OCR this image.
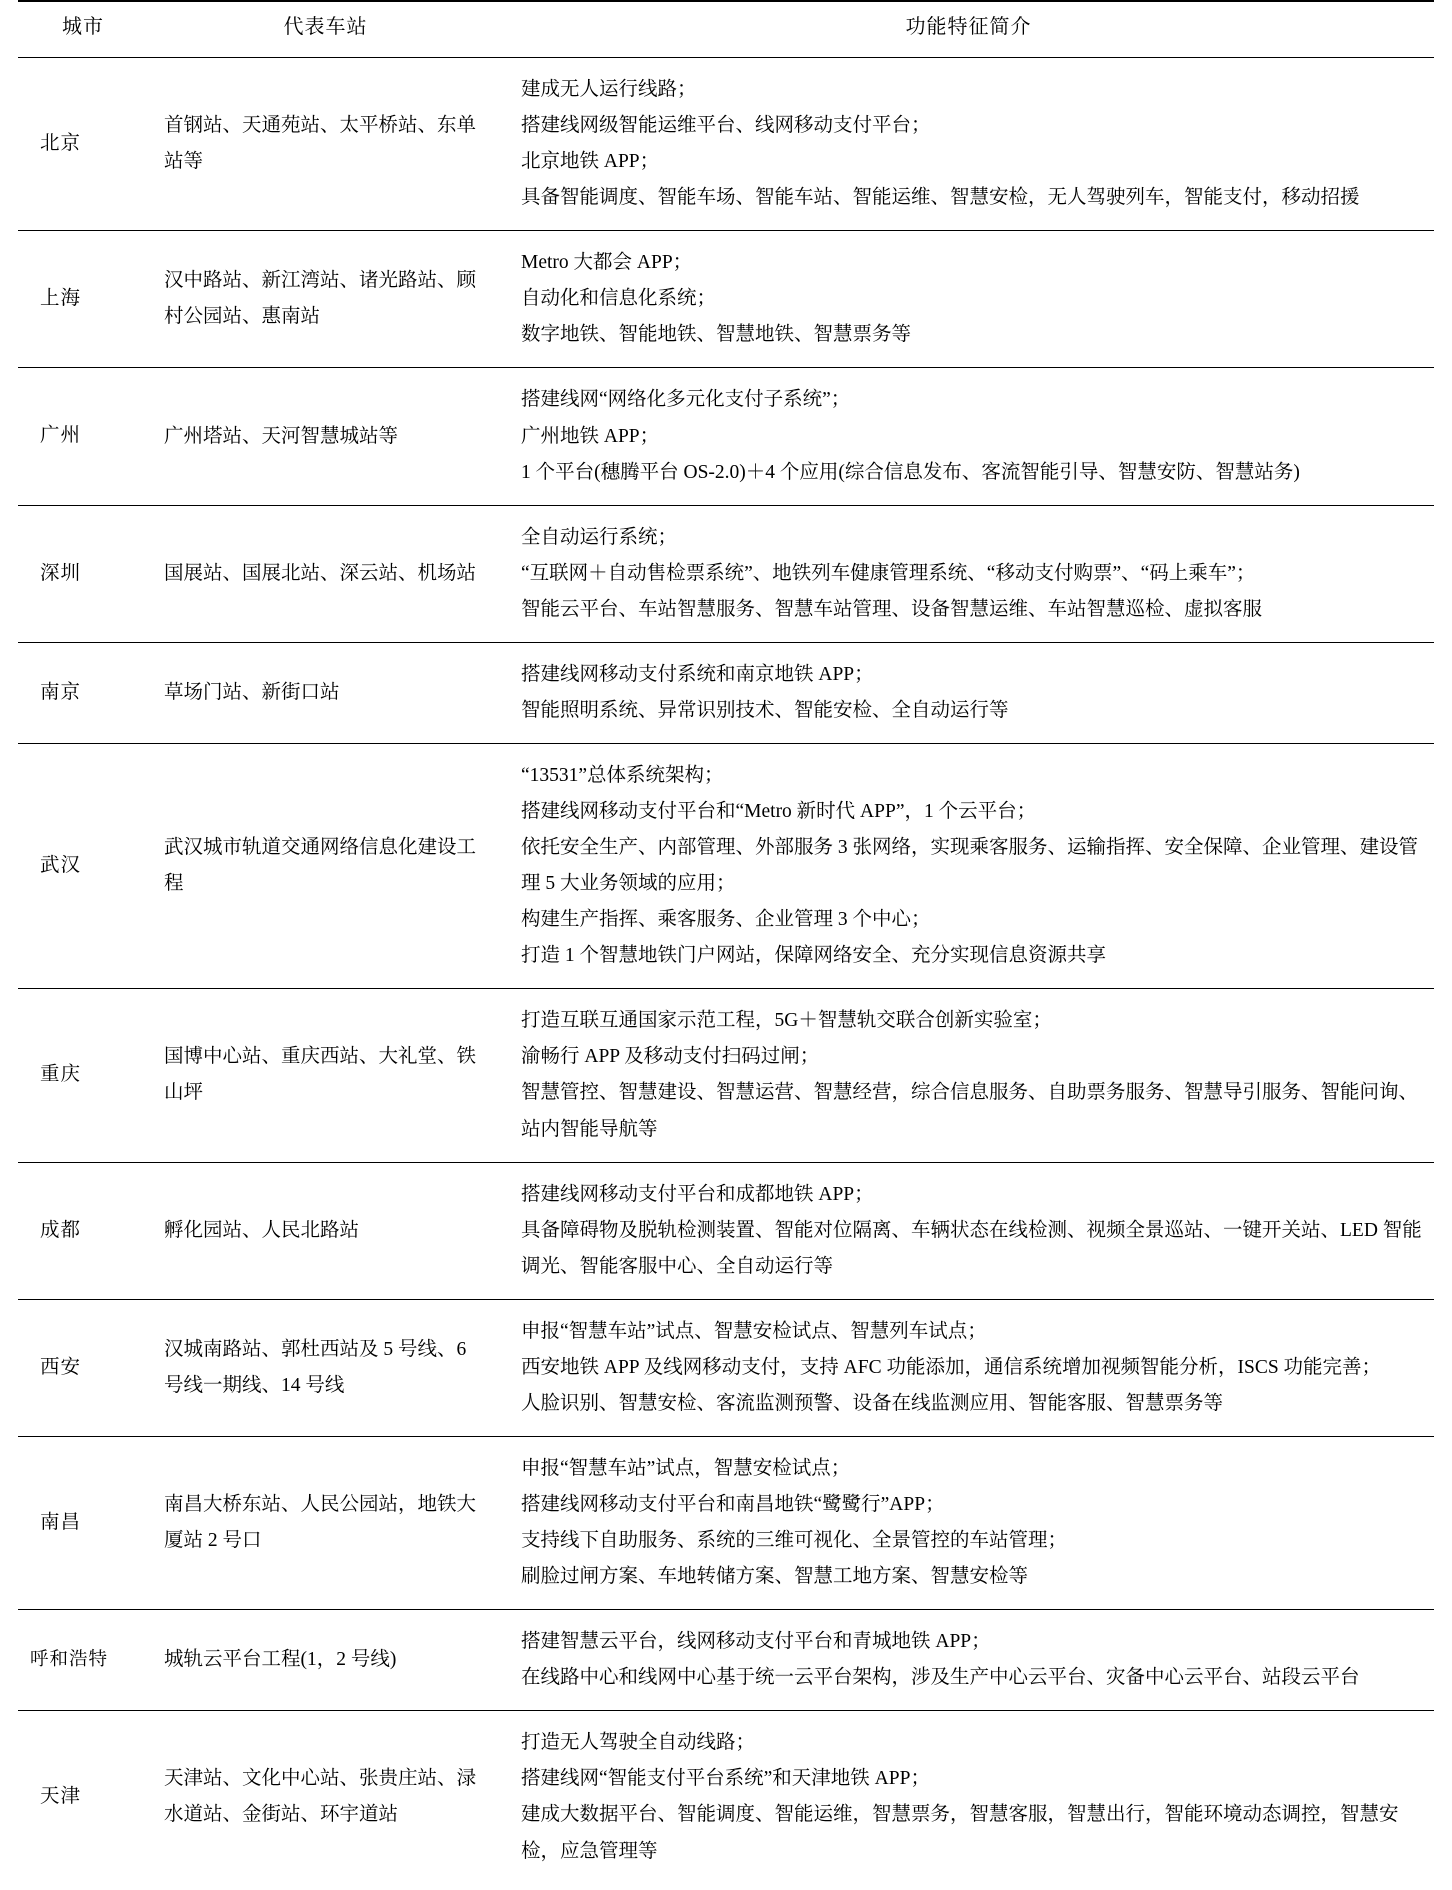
城市	代表车站	功能特征简介
北京	首钢站、天通苑站、太平桥站、东单站等	建成无人运行线路；

搭建线网级智能运维平台、线网移动支付平台；

北京地铁 APP；

具备智能调度、智能车场、智能车站、智能运维、智慧安检，无人驾驶列车，智能支付，移动招援

上海	汉中路站、新江湾站、诸光路站、顾村公园站、惠南站	Metro 大都会 APP；

自动化和信息化系统；

数字地铁、智能地铁、智慧地铁、智慧票务等

广州	广州塔站、天河智慧城站等	搭建线网“网络化多元化支付子系统”；

广州地铁 APP；

1 个平台(穗腾平台 OS-2.0)＋4 个应用(综合信息发布、客流智能引导、智慧安防、智慧站务)

深圳	国展站、国展北站、深云站、机场站	全自动运行系统；

“互联网＋自动售检票系统”、地铁列车健康管理系统、“移动支付购票”、“码上乘车”；

智能云平台、车站智慧服务、智慧车站管理、设备智慧运维、车站智慧巡检、虚拟客服

南京	草场门站、新街口站	搭建线网移动支付系统和南京地铁 APP；

智能照明系统、异常识别技术、智能安检、全自动运行等

武汉	武汉城市轨道交通网络信息化建设工程	“13531”总体系统架构；

搭建线网移动支付平台和“Metro 新时代 APP”，1 个云平台；

依托安全生产、内部管理、外部服务 3 张网络，实现乘客服务、运输指挥、安全保障、企业管理、建设管理 5 大业务领域的应用；

构建生产指挥、乘客服务、企业管理 3 个中心；

打造 1 个智慧地铁门户网站，保障网络安全、充分实现信息资源共享

重庆	国博中心站、重庆西站、大礼堂、铁山坪	打造互联互通国家示范工程，5G＋智慧轨交联合创新实验室；

渝畅行 APP 及移动支付扫码过闸；

智慧管控、智慧建设、智慧运营、智慧经营，综合信息服务、自助票务服务、智慧导引服务、智能问询、站内智能导航等

成都	孵化园站、人民北路站	搭建线网移动支付平台和成都地铁 APP；

具备障碍物及脱轨检测装置、智能对位隔离、车辆状态在线检测、视频全景巡站、一键开关站、LED 智能调光、智能客服中心、全自动运行等

西安	汉城南路站、郭杜西站及 5 号线、6 号线一期线、14 号线	申报“智慧车站”试点、智慧安检试点、智慧列车试点；

西安地铁 APP 及线网移动支付，支持 AFC 功能添加，通信系统增加视频智能分析，ISCS 功能完善；

人脸识别、智慧安检、客流监测预警、设备在线监测应用、智能客服、智慧票务等

南昌	南昌大桥东站、人民公园站，地铁大厦站 2 号口	申报“智慧车站”试点，智慧安检试点；

搭建线网移动支付平台和南昌地铁“鹭鹭行”APP；

支持线下自助服务、系统的三维可视化、全景管控的车站管理；

刷脸过闸方案、车地转储方案、智慧工地方案、智慧安检等

呼和浩特	城轨云平台工程(1，2 号线)	搭建智慧云平台，线网移动支付平台和青城地铁 APP；

在线路中心和线网中心基于统一云平台架构，涉及生产中心云平台、灾备中心云平台、站段云平台

天津	天津站、文化中心站、张贵庄站、渌水道站、金街站、环宇道站	打造无人驾驶全自动线路；

搭建线网“智能支付平台系统”和天津地铁 APP；

建成大数据平台、智能调度、智能运维，智慧票务，智慧客服，智慧出行，智能环境动态调控，智慧安检，应急管理等
